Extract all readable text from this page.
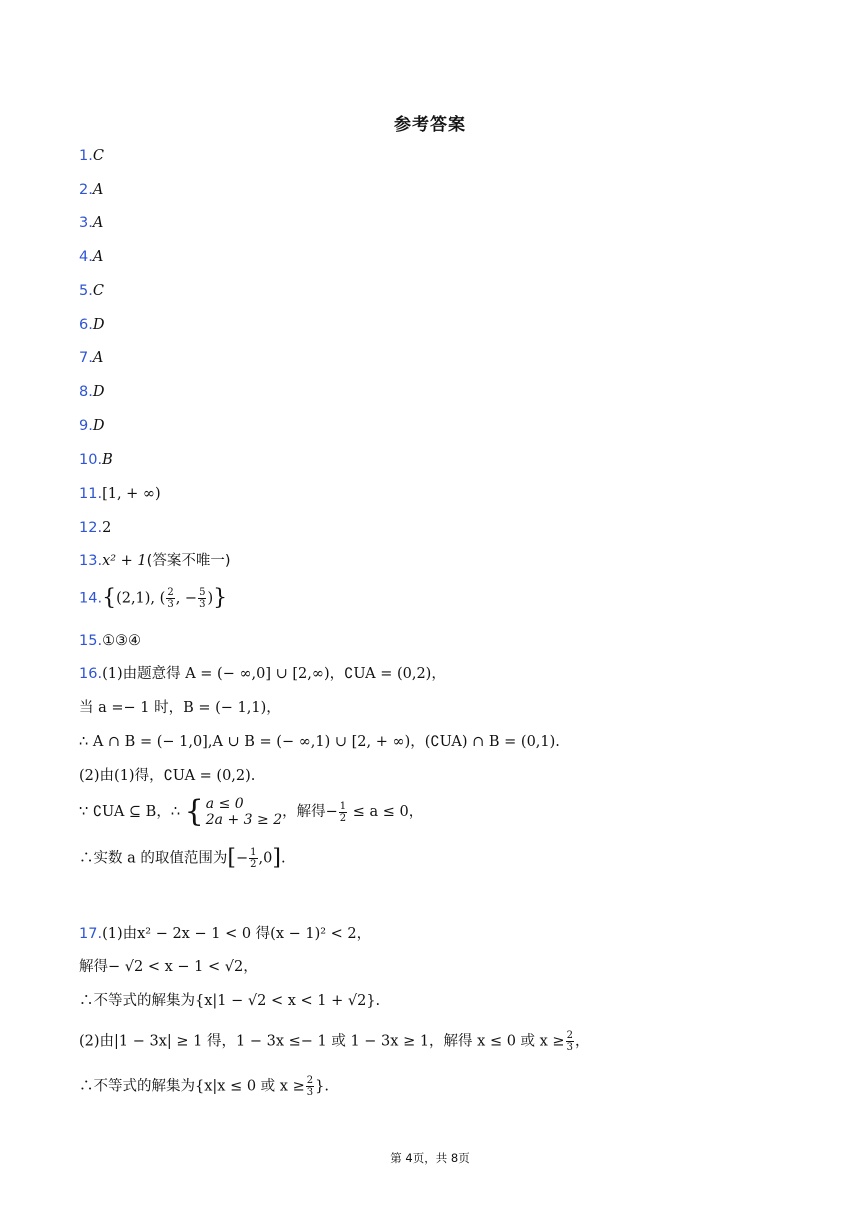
参考答案
1.C
2.A
3.A
4.A
5.C
6.D
7.A
8.D
9.D
10.B
11.[1, + ∞)
12.2
13.x² + 1(答案不唯一)
14.{(2,1), ( $\frac{2}{3}$ , − $\frac{5}{3}$ )}
15.①③④
16.(1)由题意得 A = (− ∞,0] ∪ [2,∞)，∁UA = (0,2)，
当 a =− 1 时，B = (− 1,1)，
∴ A ∩ B = (− 1,0],A ∪ B = (− ∞,1) ∪ [2, + ∞)，(∁UA) ∩ B = (0,1).
(2)由(1)得，∁UA = (0,2).
∵ ∁UA ⊆ B，∴ { a ≤ 0
2a + 3 ≥ 2 ，解得− $\frac{1}{2} \le a \le 0$，
∴实数 a 的取值范围为[− $\frac{1}{2} ,0$].
17.(1)由x² − 2x − 1 < 0 得(x − 1)² < 2，
解得− √2 < x − 1 < √2，
∴不等式的解集为{x|1 − √2 < x < 1 + √2}.
(2)由|1 − 3x| ≥ 1 得，1 − 3x ≤− 1 或 1 − 3x ≥ 1，解得 x ≤ 0 或 $x \ge \frac{2}{3}$ ，
∴不等式的解集为{x|x ≤ 0 或 $x \ge \frac{2}{3}$ }.
第 4页，共 8页
